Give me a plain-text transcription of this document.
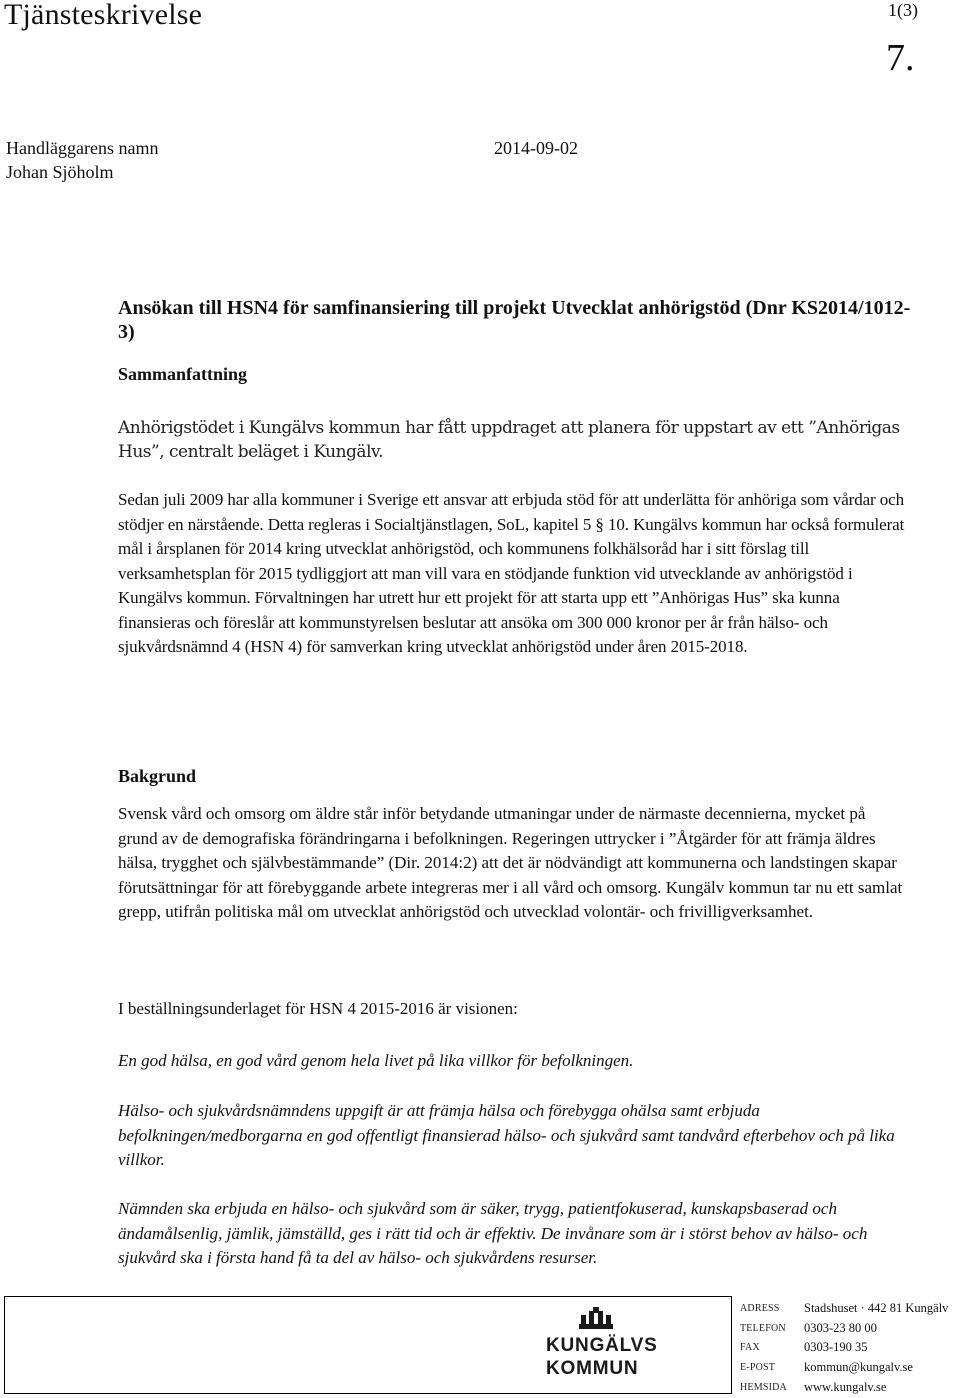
Tjänsteskrivelse	1(3)

7.

Handläggarens namn	2014-09-02

Johan Sjöholm

Ansökan till HSN4 för samfinansiering till projekt Utvecklat anhörigstöd (Dnr KS2014/1012-3)
Sammanfattning

Anhörigstödet i Kungälvs kommun har fått uppdraget att planera för uppstart av ett ”Anhörigas Hus”, centralt beläget i Kungälv.

Sedan juli 2009 har alla kommuner i Sverige ett ansvar att erbjuda stöd för att underlätta för anhöriga som vårdar och stödjer en närstående. Detta regleras i Socialtjänstlagen, SoL, kapitel 5 § 10. Kungälvs kommun har också formulerat mål i årsplanen för 2014 kring utvecklat anhörigstöd, och kommunens folkhälsoråd har i sitt förslag till verksamhetsplan för 2015 tydliggjort att man vill vara en stödjande funktion vid utvecklande av anhörigstöd i Kungälvs kommun. Förvaltningen har utrett hur ett projekt för att starta upp ett ”Anhörigas Hus” ska kunna finansieras och föreslår att kommunstyrelsen beslutar att ansöka om 300 000 kronor per år från hälso- och sjukvårdsnämnd 4 (HSN 4) för samverkan kring utvecklat anhörigstöd under åren 2015-2018.

Bakgrund

Svensk vård och omsorg om äldre står inför betydande utmaningar under de närmaste decennierna, mycket på grund av de demografiska förändringarna i befolkningen. Regeringen uttrycker i ”Åtgärder för att främja äldres hälsa, trygghet och självbestämmande” (Dir. 2014:2) att det är nödvändigt att kommunerna och landstingen skapar förutsättningar för att förebyggande arbete integreras mer i all vård och omsorg. Kungälv kommun tar nu ett samlat grepp, utifrån politiska mål om utvecklat anhörigstöd och utvecklad volontär- och frivilligverksamhet.

I beställningsunderlaget för HSN 4 2015-2016 är visionen:

En god hälsa, en god vård genom hela livet på lika villkor för befolkningen.

Hälso- och sjukvårdsnämndens uppgift är att främja hälsa och förebygga ohälsa samt erbjuda befolkningen/medborgarna en god offentligt finansierad hälso- och sjukvård samt tandvård efterbehov och på lika villkor.

Nämnden ska erbjuda en hälso- och sjukvård som är säker, trygg, patientfokuserad, kunskapsbaserad och ändamålsenlig, jämlik, jämställd, ges i rätt tid och är effektiv. De invånare som är i störst behov av hälso- och sjukvård ska i första hand få ta del av hälso- och sjukvårdens resurser.

KUNGÄLVS
KOMMUN
ADRESS	Stadshuset · 442 81 Kungälv
TELEFON	0303-23 80 00
FAX	0303-190 35
E-POST	kommun@kungalv.se
HEMSIDA	www.kungalv.se
